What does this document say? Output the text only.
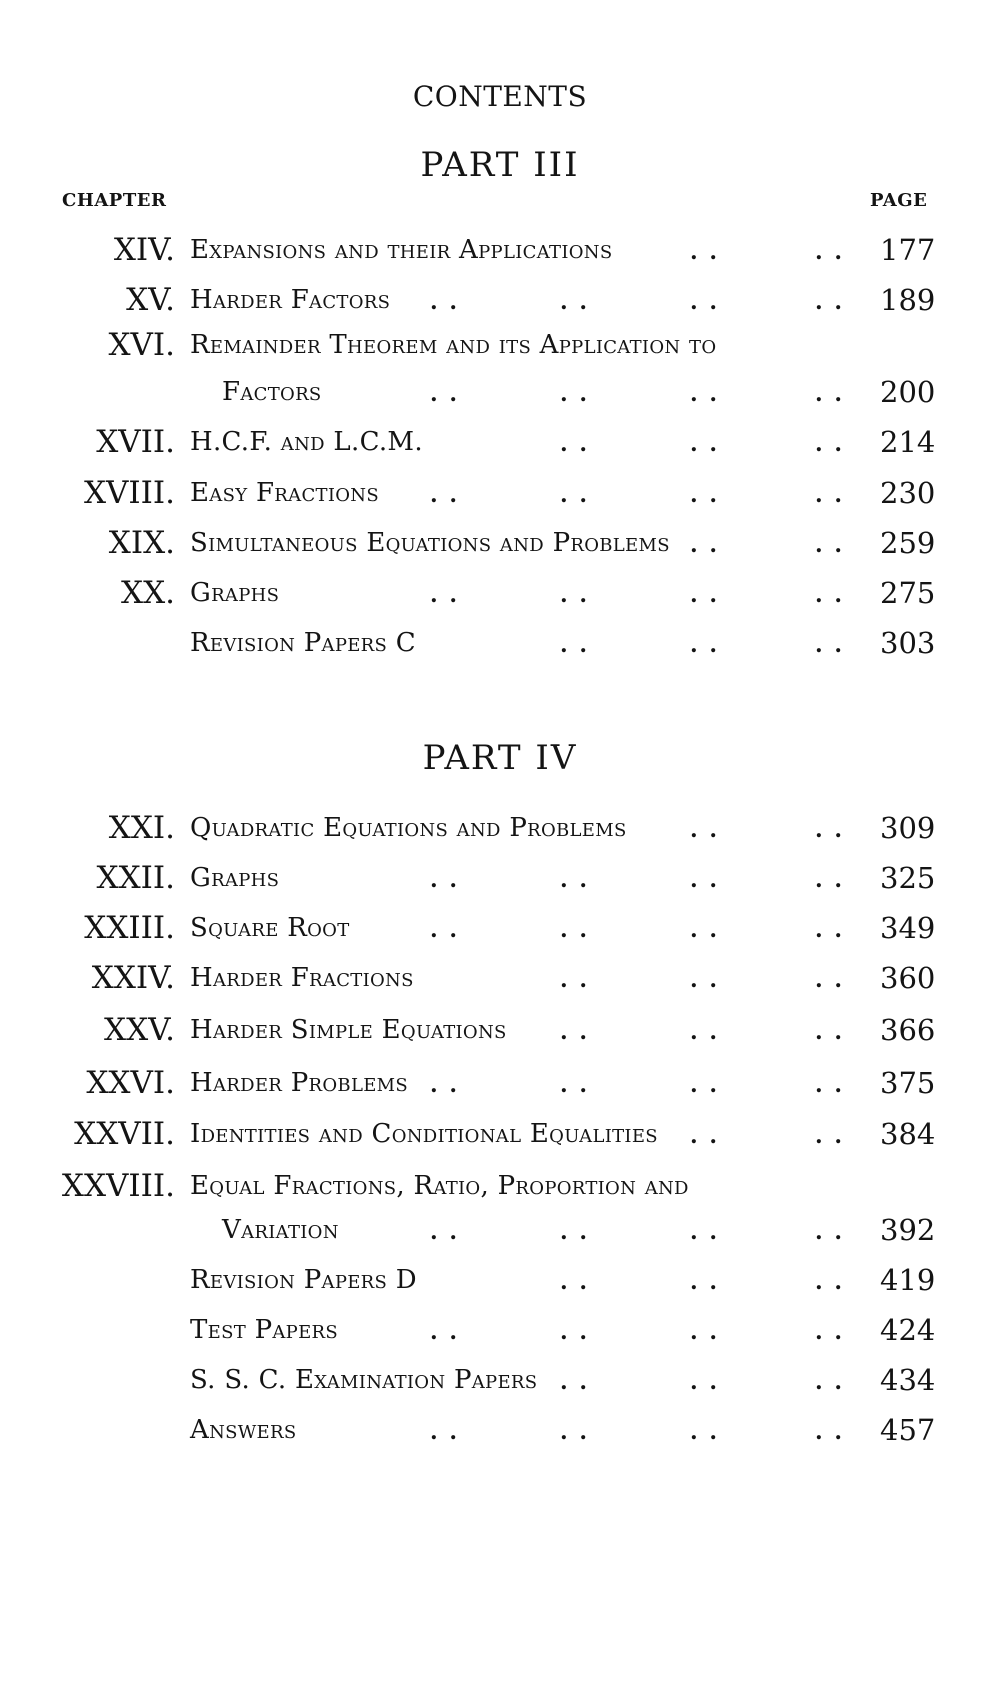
CONTENTS
PART III
CHAPTER	PAGE
XIV. Expansions and their Applications	177
. .	. .
XV. Harder Factors	189
. .	. .	. .	. .
XVI. Remainder Theorem and its Application to
Factors	200
. .	. .	. .	. .
XVII. H.C.F. and L.C.M.	214
. .	. .	. .
XVIII. Easy Fractions	230
. .	. .	. .	. .
XIX. Simultaneous Equations and Problems	259
. .	. .
XX. Graphs	275
. .	. .	. .	. .
Revision Papers C	303
. .	. .	. .
PART IV
XXI. Quadratic Equations and Problems	309
. .	. .
XXII. Graphs	325
. .	. .	. .	. .
XXIII. Square Root	349
. .	. .	. .	. .
XXIV. Harder Fractions	360
. .	. .	. .
XXV. Harder Simple Equations	366
. .	. .	. .
XXVI. Harder Problems	375
. .	. .	. .	. .
XXVII. Identities and Conditional Equalities	384
. .	. .
XXVIII. Equal Fractions, Ratio, Proportion and
Variation	392
. .	. .	. .	. .
Revision Papers D	419
. .	. .	. .
Test Papers	424
. .	. .	. .	. .
S. S. C. Examination Papers	434
. .	. .	. .
Answers	457
. .	. .	. .	. .
